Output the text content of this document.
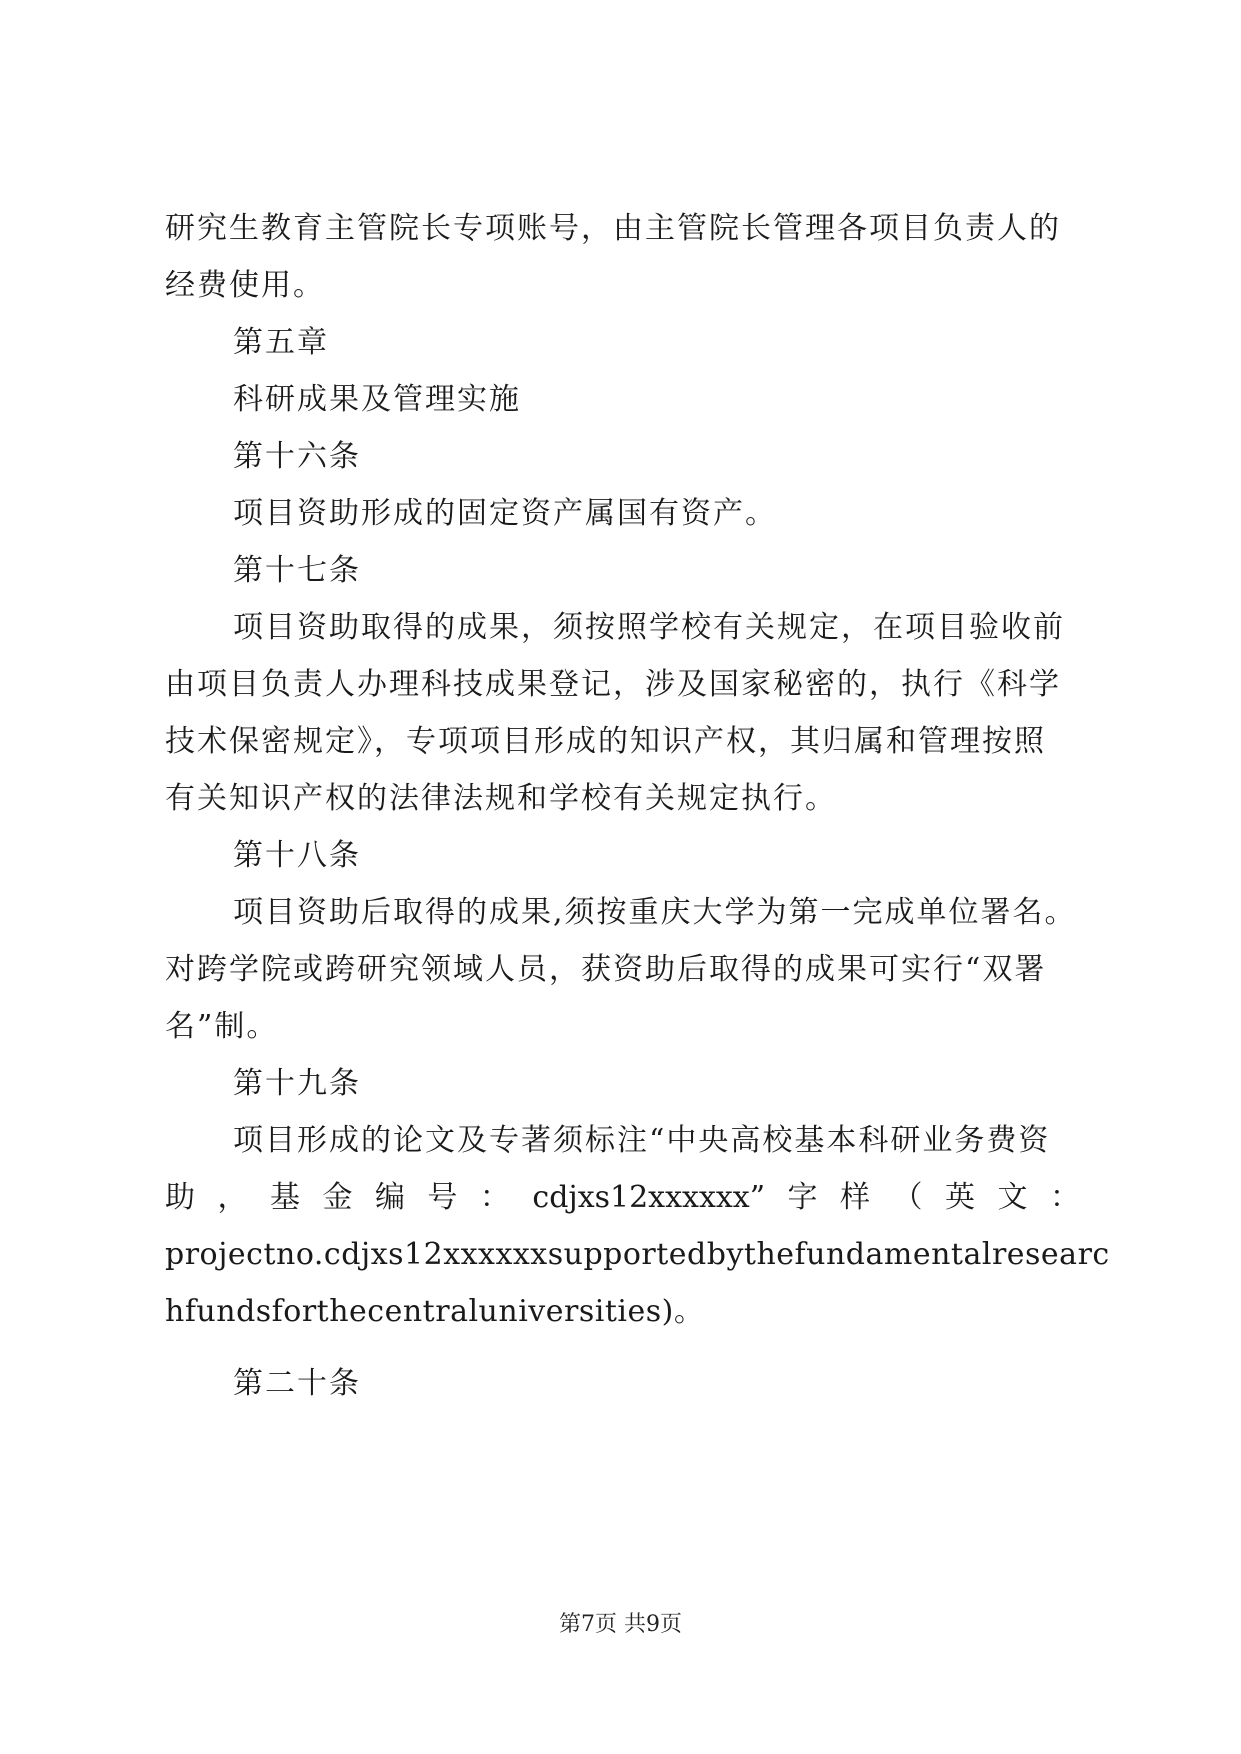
研究生教育主管院长专项账号，由主管院长管理各项目负责人的
经费使用。
第五章
科研成果及管理实施
第十六条
项目资助形成的固定资产属国有资产。
第十七条
项目资助取得的成果，须按照学校有关规定，在项目验收前
由项目负责人办理科技成果登记，涉及国家秘密的，执行《科学
技术保密规定》，专项项目形成的知识产权，其归属和管理按照
有关知识产权的法律法规和学校有关规定执行。
第十八条
项目资助后取得的成果,须按重庆大学为第一完成单位署名。
对跨学院或跨研究领域人员，获资助后取得的成果可实行“双署
名”制。
第十九条
项目形成的论文及专著须标注“中央高校基本科研业务费资
助 ， 基 金 编 号 ： cdjxs12xxxxxx” 字 样 （ 英 文 ：
projectno.cdjxs12xxxxxxsupportedbythefundamentalresearc
hfundsforthecentraluniversities)。
第二十条
第7页 共9页
